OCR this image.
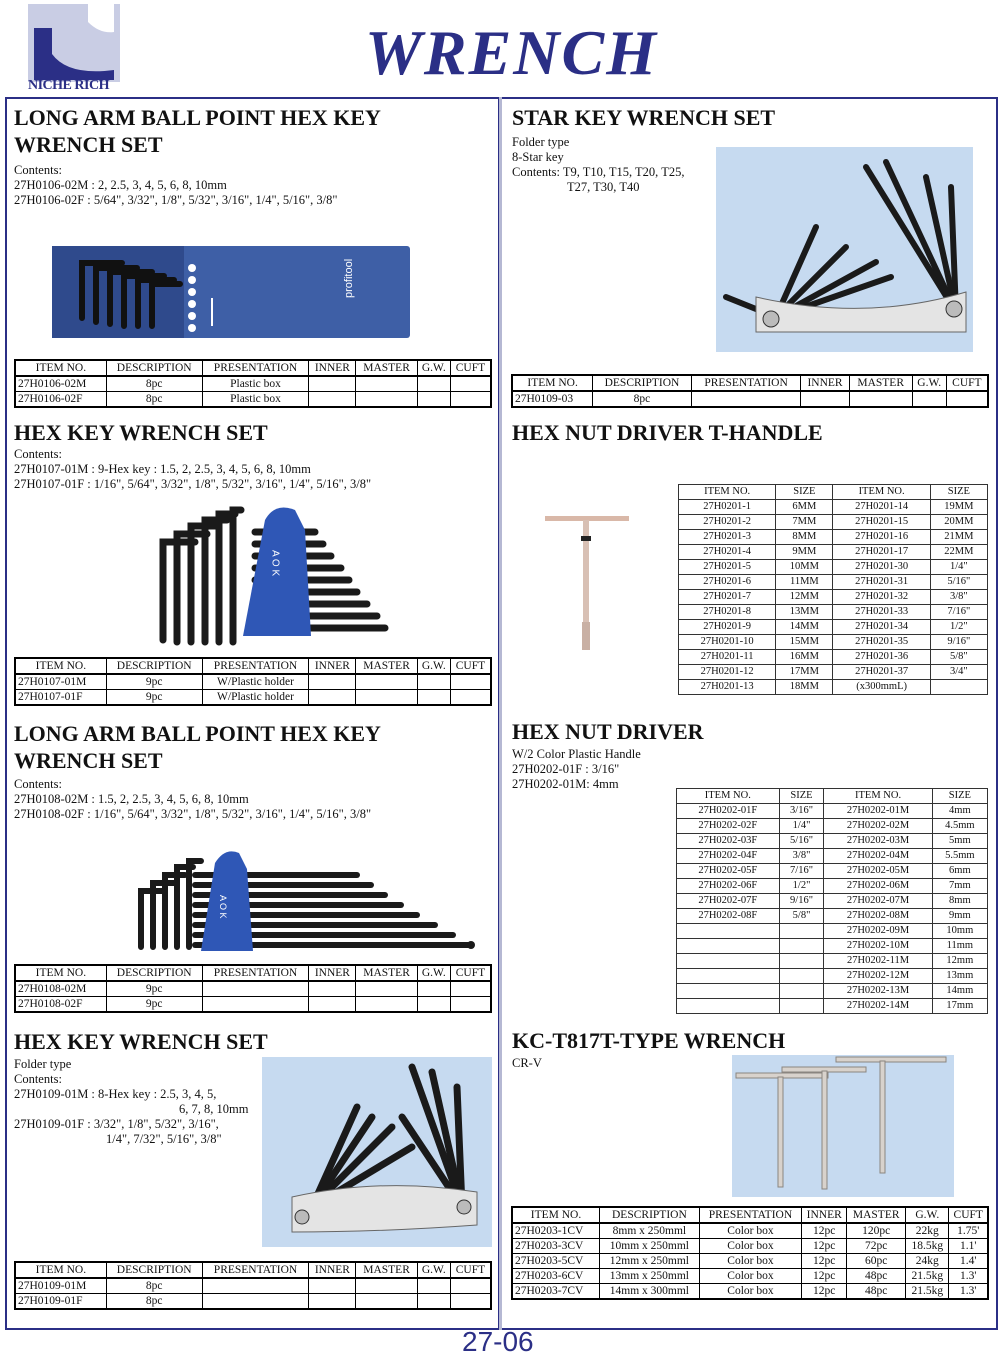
NICHE RICH	WRENCH
LONG ARM BALL POINT HEX KEY
WRENCH SET
Contents:
27H0106-02M : 2, 2.5, 3, 4, 5, 6, 8, 10mm
27H0106-02F : 5/64", 3/32", 1/8", 5/32", 3/16", 1/4", 5/16", 3/8"
profitool
ITEM NO.	DESCRIPTION	PRESENTATION	INNER	MASTER	G.W.	CUFT
27H0106-02M	8pc	Plastic box				
27H0106-02F	8pc	Plastic box				
HEX KEY WRENCH SET
Contents:
27H0107-01M : 9-Hex key : 1.5, 2, 2.5, 3, 4, 5, 6, 8, 10mm
27H0107-01F : 1/16", 5/64", 3/32", 1/8", 5/32", 3/16", 1/4", 5/16", 3/8"
A O K
ITEM NO.	DESCRIPTION	PRESENTATION	INNER	MASTER	G.W.	CUFT
27H0107-01M	9pc	W/Plastic holder				
27H0107-01F	9pc	W/Plastic holder				
LONG ARM BALL POINT HEX KEY
WRENCH SET
Contents:
27H0108-02M : 1.5, 2, 2.5, 3, 4, 5, 6, 8, 10mm
27H0108-02F : 1/16", 5/64", 3/32", 1/8", 5/32", 3/16", 1/4", 5/16", 3/8"
A O K
ITEM NO.	DESCRIPTION	PRESENTATION	INNER	MASTER	G.W.	CUFT
27H0108-02M	9pc					
27H0108-02F	9pc					
HEX KEY WRENCH SET
Folder type
Contents:
27H0109-01M : 8-Hex key : 2.5, 3, 4, 5,
6, 7, 8, 10mm
27H0109-01F : 3/32", 1/8", 5/32", 3/16",
1/4", 7/32", 5/16", 3/8"
ITEM NO.	DESCRIPTION	PRESENTATION	INNER	MASTER	G.W.	CUFT
27H0109-01M	8pc					
27H0109-01F	8pc					
STAR KEY WRENCH SET
Folder type
8-Star key
Contents: T9, T10, T15, T20, T25,
T27, T30, T40
ITEM NO.	DESCRIPTION	PRESENTATION	INNER	MASTER	G.W.	CUFT
27H0109-03	8pc					
HEX NUT DRIVER T-HANDLE
ITEM NO.	SIZE	ITEM NO.	SIZE
27H0201-1	6MM	27H0201-14	19MM
27H0201-2	7MM	27H0201-15	20MM
27H0201-3	8MM	27H0201-16	21MM
27H0201-4	9MM	27H0201-17	22MM
27H0201-5	10MM	27H0201-30	1/4"
27H0201-6	11MM	27H0201-31	5/16"
27H0201-7	12MM	27H0201-32	3/8"
27H0201-8	13MM	27H0201-33	7/16"
27H0201-9	14MM	27H0201-34	1/2"
27H0201-10	15MM	27H0201-35	9/16"
27H0201-11	16MM	27H0201-36	5/8"
27H0201-12	17MM	27H0201-37	3/4"
27H0201-13	18MM	(x300mmL)	
HEX NUT DRIVER
W/2 Color Plastic Handle
27H0202-01F : 3/16"
27H0202-01M: 4mm
ITEM NO.	SIZE	ITEM NO.	SIZE
27H0202-01F	3/16"	27H0202-01M	4mm
27H0202-02F	1/4"	27H0202-02M	4.5mm
27H0202-03F	5/16"	27H0202-03M	5mm
27H0202-04F	3/8"	27H0202-04M	5.5mm
27H0202-05F	7/16"	27H0202-05M	6mm
27H0202-06F	1/2"	27H0202-06M	7mm
27H0202-07F	9/16"	27H0202-07M	8mm
27H0202-08F	5/8"	27H0202-08M	9mm
		27H0202-09M	10mm
		27H0202-10M	11mm
		27H0202-11M	12mm
		27H0202-12M	13mm
		27H0202-13M	14mm
		27H0202-14M	17mm
KC-T817T-TYPE WRENCH
CR-V
ITEM NO.	DESCRIPTION	PRESENTATION	INNER	MASTER	G.W.	CUFT
27H0203-1CV	8mm x 250mml	Color box	12pc	120pc	22kg	1.75'
27H0203-3CV	10mm x 250mml	Color box	12pc	72pc	18.5kg	1.1'
27H0203-5CV	12mm x 250mml	Color box	12pc	60pc	24kg	1.4'
27H0203-6CV	13mm x 250mml	Color box	12pc	48pc	21.5kg	1.3'
27H0203-7CV	14mm x 300mml	Color box	12pc	48pc	21.5kg	1.3'
27-06
